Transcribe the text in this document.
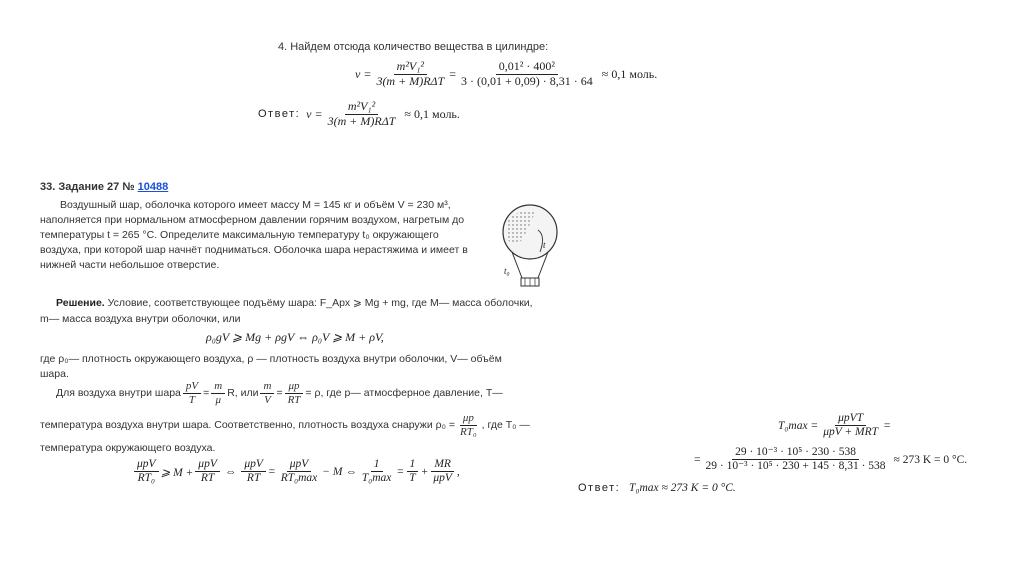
4. Найдем отсюда количество вещества в цилиндре:
$\nu = \frac{\text{m²V₁²}}{\text{3(m + M)RΔT}} = \frac{\text{0,01² · 400²}}{3 \cdot (0,01 + 0,09) \cdot 8,31 \cdot 64} \approx 0,1$ моль.
Ответ: $\nu = \frac{\text{m²V₁²}}{\text{3(m + M)RΔT}} \approx 0,1$ моль.
33. Задание 27 № 10488
Воздушный шар, оболочка которого имеет массу M = 145 кг и объём V = 230 м³,
наполняется при нормальном атмосферном давлении горячим воздухом, нагретым до
температуры t = 265 °C. Определите максимальную температуру t₀ окружающего
воздуха, при которой шар начнёт подниматься. Оболочка шара нерастяжима и имеет в
нижней части небольшое отверстие.
t
t₀
Решение. Условие, соответствующее подъёму шара: F_Арх ⩾ Mg + mg, где M— масса оболочки,
m— масса воздуха внутри оболочки, или
ρ₀gV ⩾ Mg + ρgV ⇔ ρ₀V ⩾ M + ρV,
где ρ₀— плотность окружающего воздуха, ρ — плотность воздуха внутри оболочки, V— объём
шара.
Для воздуха внутри шара $\frac{pV}{T} = \frac{m}{\mu} R$, или $\frac{m}{V} = \frac{\mu p}{RT} = \rho$, где p— атмосферное давление, T—
температура воздуха внутри шара. Соответственно, плотность воздуха снаружи $\rho_0 = \frac{\mu p}{\text{RT₀}}$ , где T₀ —
температура окружающего воздуха.
$\frac{\text{μpV}}{\text{RT₀}}$ ⩾ $M + \frac{\text{μpV}}{RT}$ ⇔ $\frac{\text{μpV}}{RT} = \frac{\text{μpV}}{\text{RT₀max}} - M$ ⇔ $\frac{1}{\text{T₀max}} = \frac{1}{T} + \frac{MR}{\text{μpV}}$ ,
$T_0\max = \frac{\text{μpVT}}{\text{μpV + MRT}}$ =
= $\frac{\text{29 · 10⁻³ · 10⁵ · 230 · 538}}{\text{29 · 10⁻³ · 10⁵ · 230 + 145 · 8,31 · 538}} \approx 273$ K = 0 °C.
Ответ: T₀max ≈ 273 K = 0 °C.
